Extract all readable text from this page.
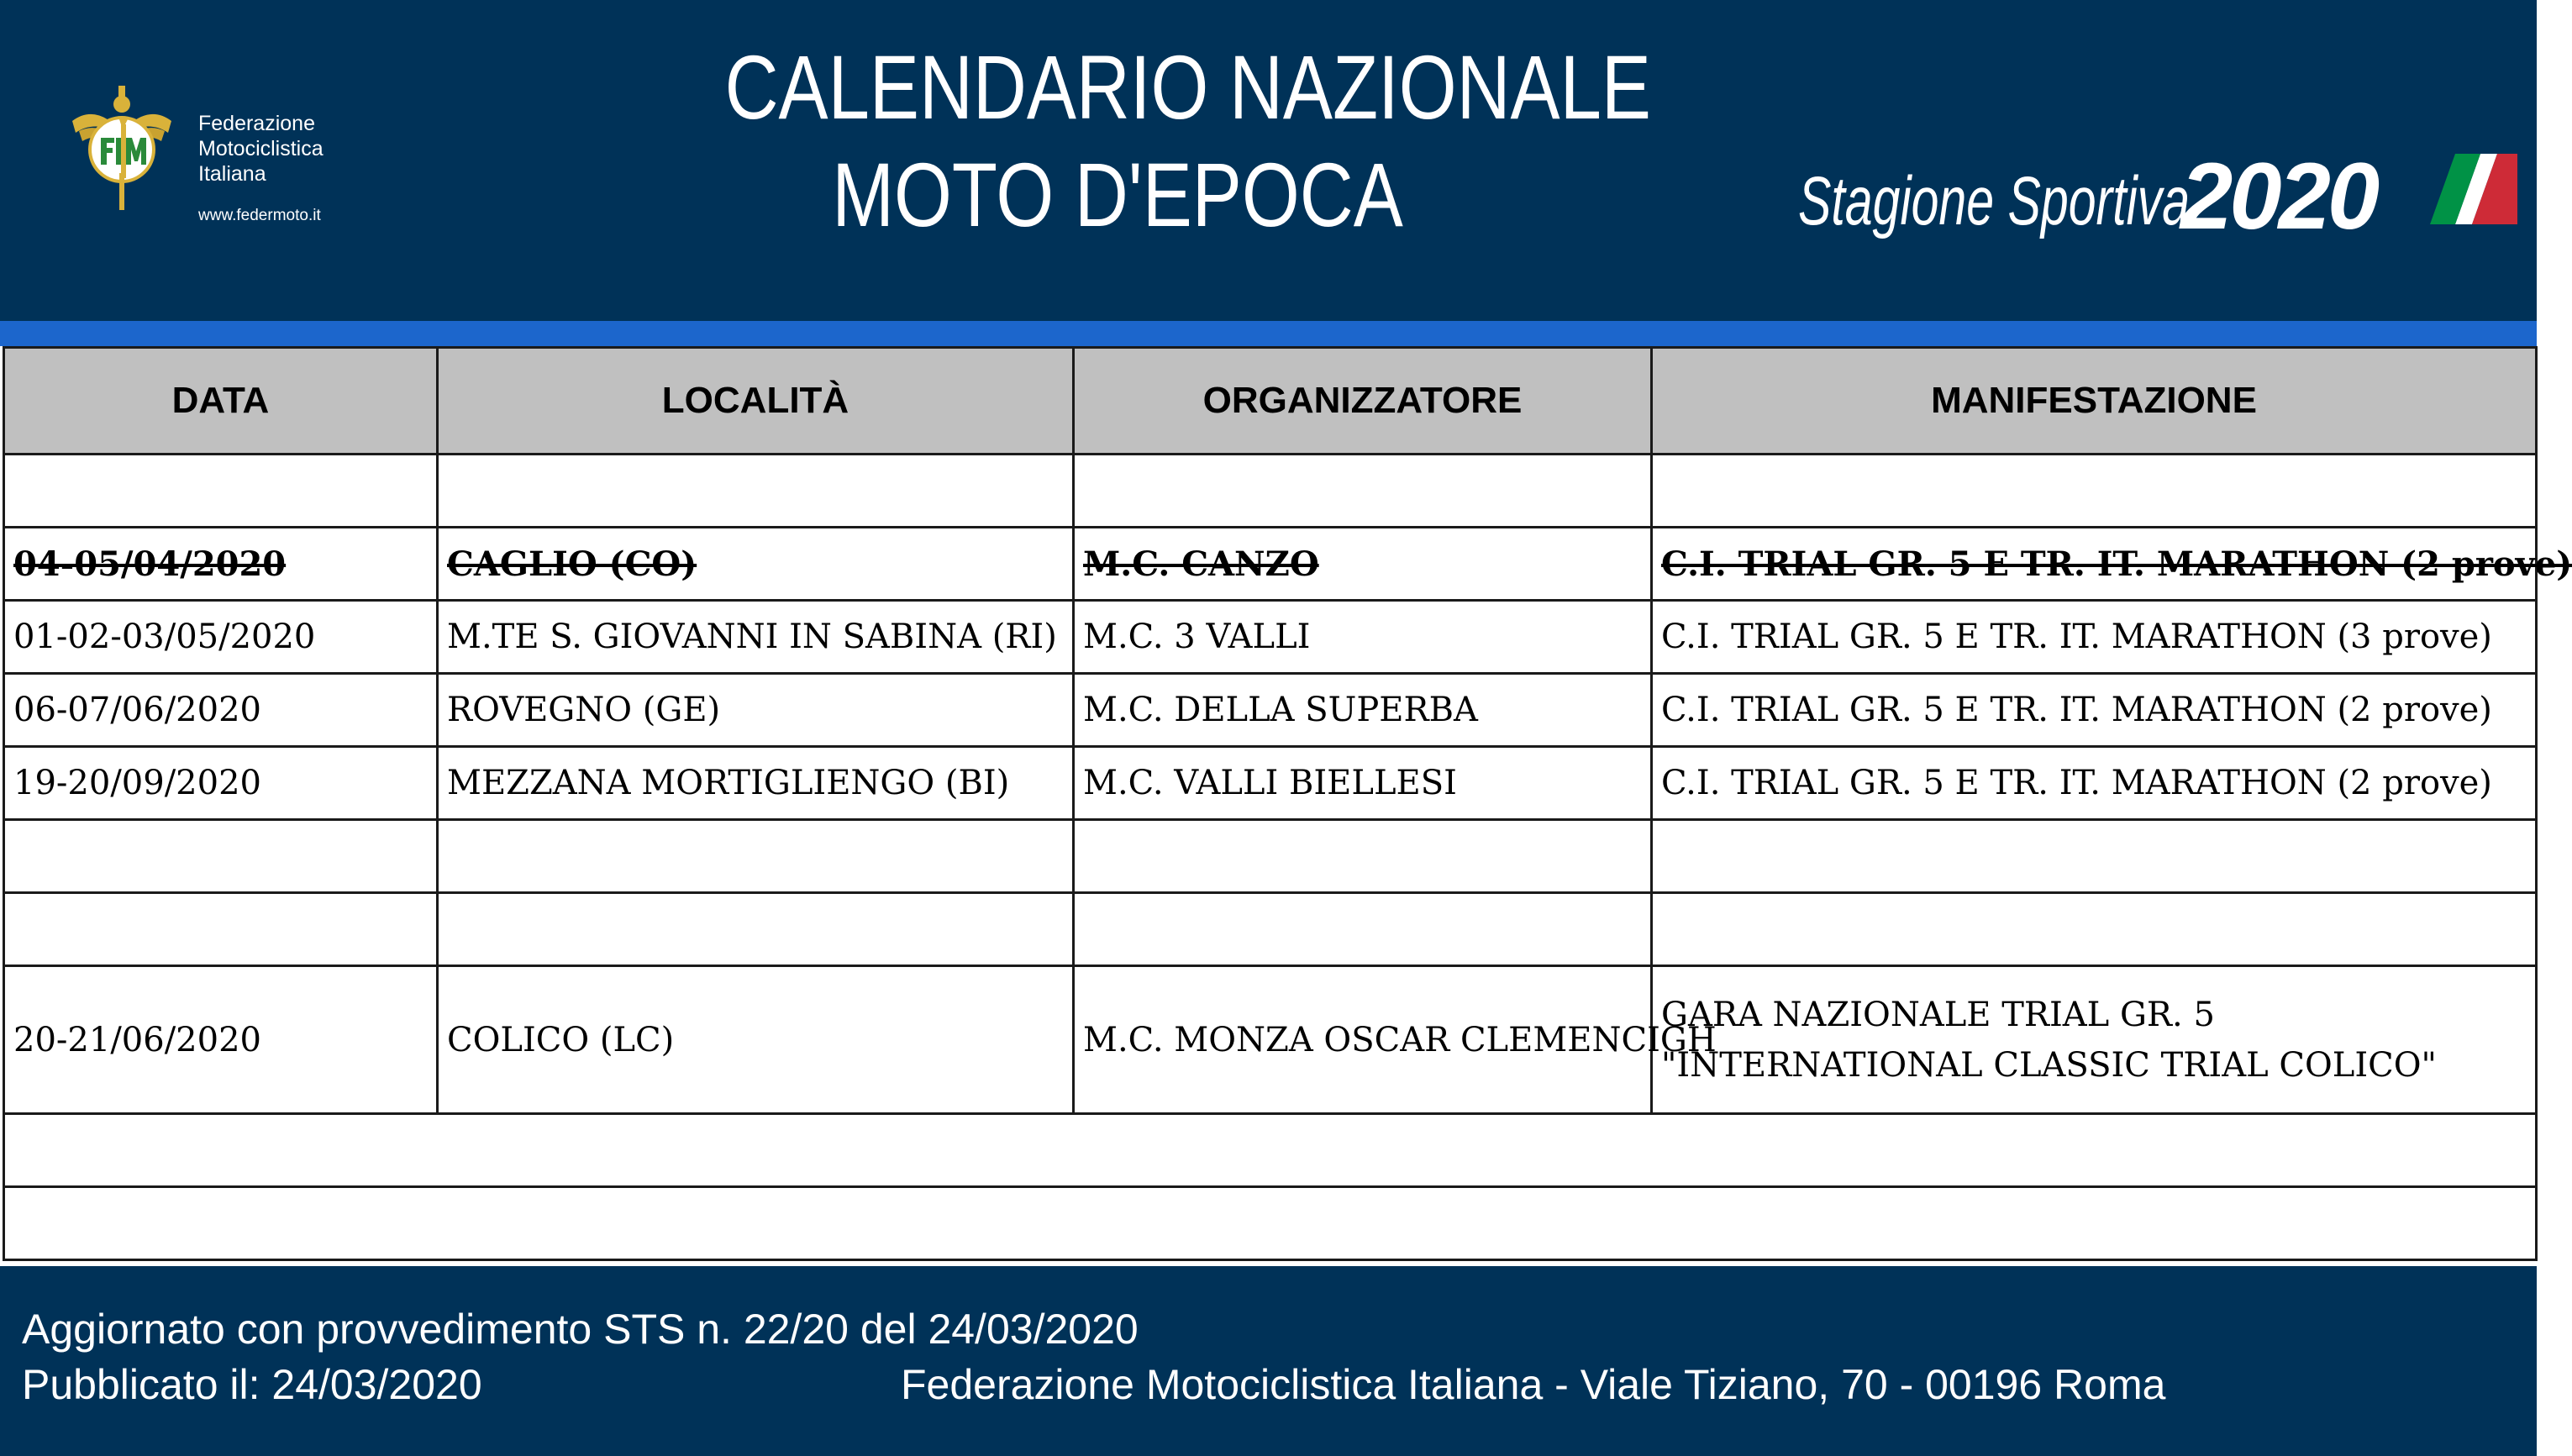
Federazione
Motociclistica
Italiana
www.federmoto.it
CALENDARIO NAZIONALE
MOTO D'EPOCA	Stagione Sportiva
2020
DATA	LOCALITÀ	ORGANIZZATORE	MANIFESTAZIONE

04-05/04/2020	CAGLIO (CO)	M.C. CANZO	C.I. TRIAL GR. 5 E TR. IT. MARATHON (2 prove)
01-02-03/05/2020	M.TE S. GIOVANNI IN SABINA (RI)	M.C. 3 VALLI	C.I. TRIAL GR. 5 E TR. IT. MARATHON (3 prove)
06-07/06/2020	ROVEGNO (GE)	M.C. DELLA SUPERBA	C.I. TRIAL GR. 5 E TR. IT. MARATHON (2 prove)
19-20/09/2020	MEZZANA MORTIGLIENGO (BI)	M.C. VALLI BIELLESI	C.I. TRIAL GR. 5 E TR. IT. MARATHON (2 prove)

20-21/06/2020	COLICO (LC)	M.C. MONZA OSCAR CLEMENCIGH	GARA NAZIONALE TRIAL GR. 5 "INTERNATIONAL CLASSIC TRIAL COLICO"

Aggiornato con provvedimento STS n. 22/20 del 24/03/2020
Pubblicato il: 24/03/2020	Federazione Motociclistica Italiana - Viale Tiziano, 70 - 00196 Roma
